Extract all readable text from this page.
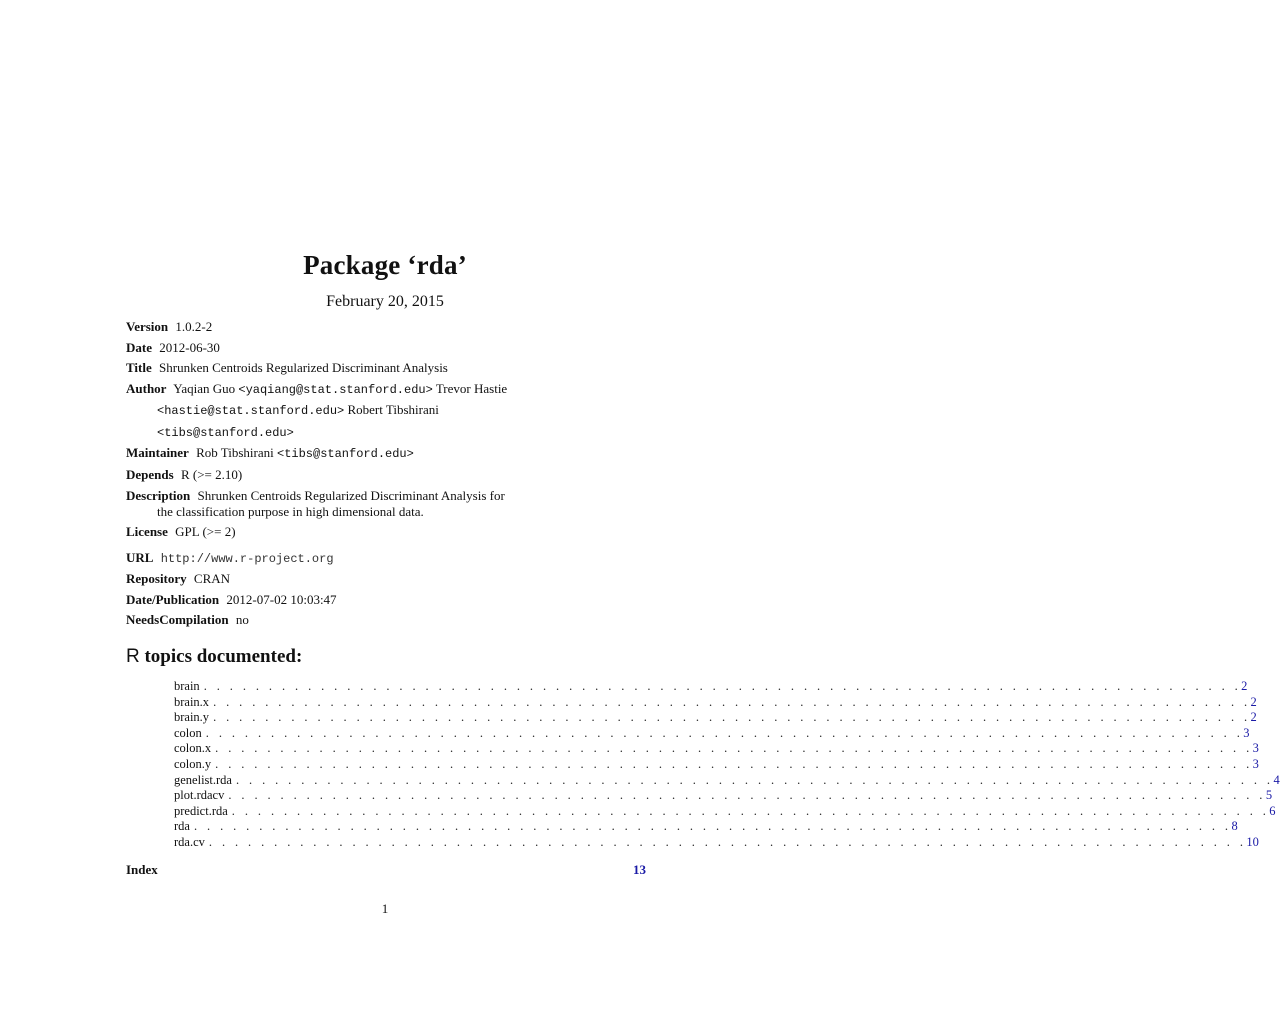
Package ‘rda’
February 20, 2015
Version 1.0.2-2
Date 2012-06-30
Title Shrunken Centroids Regularized Discriminant Analysis
Author Yaqian Guo <yaqiang@stat.stanford.edu> Trevor Hastie
<hastie@stat.stanford.edu> Robert Tibshirani
<tibs@stanford.edu>
Maintainer Rob Tibshirani <tibs@stanford.edu>
Depends R (>= 2.10)
Description Shrunken Centroids Regularized Discriminant Analysis for
the classification purpose in high dimensional data.
License GPL (>= 2)
URL http://www.r-project.org
Repository CRAN
Date/Publication 2012-07-02 10:03:47
NeedsCompilation no
R topics documented:
brain . . . . . . . . . . . . . . . . . . . . . . . . . . . . . . . . . . . . . . . . . . . . . . . . . . . . . . . . . . . . . . . . . . . . . . . . . . . . . . . . 2
brain.x . . . . . . . . . . . . . . . . . . . . . . . . . . . . . . . . . . . . . . . . . . . . . . . . . . . . . . . . . . . . . . . . . . . . . . . . . . . . . . . . 2
brain.y . . . . . . . . . . . . . . . . . . . . . . . . . . . . . . . . . . . . . . . . . . . . . . . . . . . . . . . . . . . . . . . . . . . . . . . . . . . . . . . . 2
colon . . . . . . . . . . . . . . . . . . . . . . . . . . . . . . . . . . . . . . . . . . . . . . . . . . . . . . . . . . . . . . . . . . . . . . . . . . . . . . . . 3
colon.x . . . . . . . . . . . . . . . . . . . . . . . . . . . . . . . . . . . . . . . . . . . . . . . . . . . . . . . . . . . . . . . . . . . . . . . . . . . . . . . . 3
colon.y . . . . . . . . . . . . . . . . . . . . . . . . . . . . . . . . . . . . . . . . . . . . . . . . . . . . . . . . . . . . . . . . . . . . . . . . . . . . . . . . 3
genelist.rda . . . . . . . . . . . . . . . . . . . . . . . . . . . . . . . . . . . . . . . . . . . . . . . . . . . . . . . . . . . . . . . . . . . . . . . . . . . . . . . . 4
plot.rdacv . . . . . . . . . . . . . . . . . . . . . . . . . . . . . . . . . . . . . . . . . . . . . . . . . . . . . . . . . . . . . . . . . . . . . . . . . . . . . . . . 5
predict.rda . . . . . . . . . . . . . . . . . . . . . . . . . . . . . . . . . . . . . . . . . . . . . . . . . . . . . . . . . . . . . . . . . . . . . . . . . . . . . . . . 6
rda . . . . . . . . . . . . . . . . . . . . . . . . . . . . . . . . . . . . . . . . . . . . . . . . . . . . . . . . . . . . . . . . . . . . . . . . . . . . . . . . 8
rda.cv . . . . . . . . . . . . . . . . . . . . . . . . . . . . . . . . . . . . . . . . . . . . . . . . . . . . . . . . . . . . . . . . . . . . . . . . . . . . . . . . 10
Index	13
1
